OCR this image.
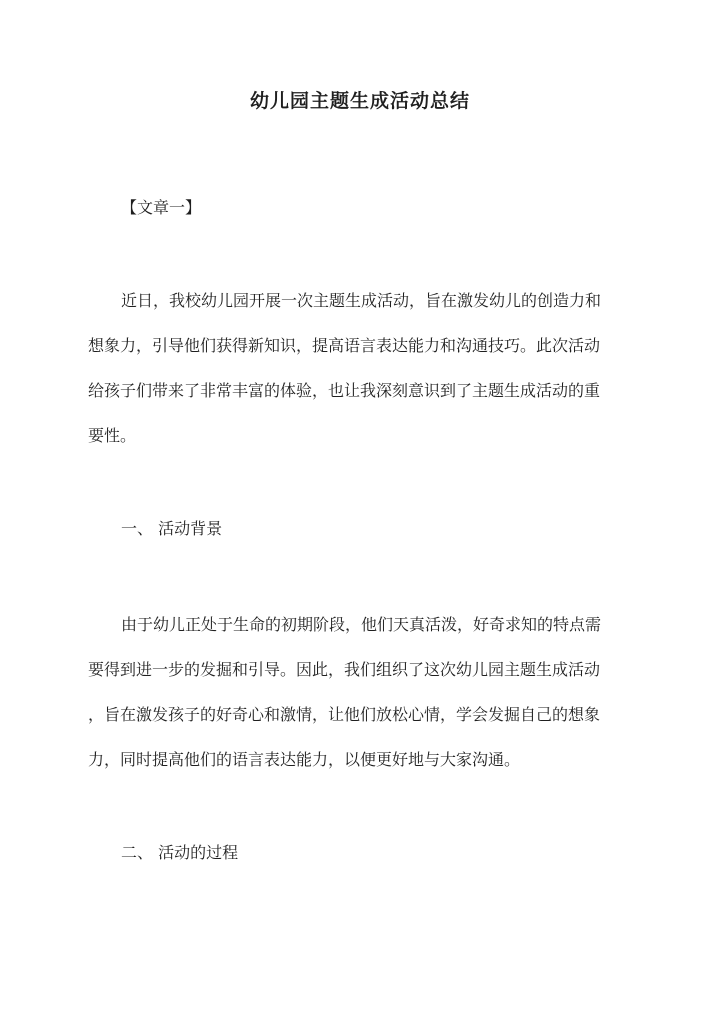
幼儿园主题生成活动总结
【文章一】
近日，我校幼儿园开展一次主题生成活动，旨在激发幼儿的创造力和
想象力，引导他们获得新知识，提高语言表达能力和沟通技巧。此次活动
给孩子们带来了非常丰富的体验，也让我深刻意识到了主题生成活动的重
要性。
一、 活动背景
由于幼儿正处于生命的初期阶段，他们天真活泼，好奇求知的特点需
要得到进一步的发掘和引导。因此，我们组织了这次幼儿园主题生成活动
，旨在激发孩子的好奇心和激情，让他们放松心情，学会发掘自己的想象
力，同时提高他们的语言表达能力，以便更好地与大家沟通。
二、 活动的过程
